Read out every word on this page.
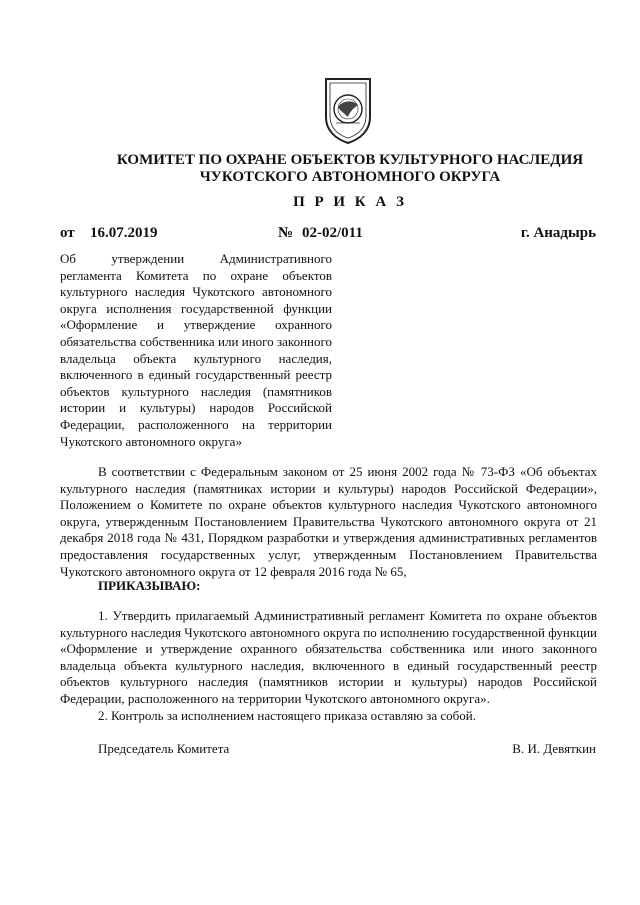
КОМИТЕТ ПО ОХРАНЕ ОБЪЕКТОВ КУЛЬТУРНОГО НАСЛЕДИЯ
ЧУКОТСКОГО АВТОНОМНОГО ОКРУГА
П Р И К А З
от 16.07.2019	№ 02-02/011	г. Анадырь
Об утверждении Административного регламента Комитета по охране объектов культурного наследия Чукотского автономного округа исполнения государственной функции «Оформление и утверждение охранного обязательства собственника или иного законного владельца объекта культурного наследия, включенного в единый государственный реестр объектов культурного наследия (памятников истории и культуры) народов Российской Федерации, расположенного на территории Чукотского автономного округа»

В соответствии с Федеральным законом от 25 июня 2002 года № 73-ФЗ «Об объектах культурного наследия (памятниках истории и культуры) народов Российской Федерации», Положением о Комитете по охране объектов культурного наследия Чукотского автономного округа, утвержденным Постановлением Правительства Чукотского автономного округа от 21 декабря 2018 года № 431, Порядком разработки и утверждения административных регламентов предоставления государственных услуг, утвержденным Постановлением Правительства Чукотского автономного округа от 12 февраля 2016 года № 65,

ПРИКАЗЫВАЮ:

1. Утвердить прилагаемый Административный регламент Комитета по охране объектов культурного наследия Чукотского автономного округа по исполнению государственной функции «Оформление и утверждение охранного обязательства собственника или иного законного владельца объекта культурного наследия, включенного в единый государственный реестр объектов культурного наследия (памятников истории и культуры) народов Российской Федерации, расположенного на территории Чукотского автономного округа».

2. Контроль за исполнением настоящего приказа оставляю за собой.

Председатель Комитета	В. И. Девяткин
